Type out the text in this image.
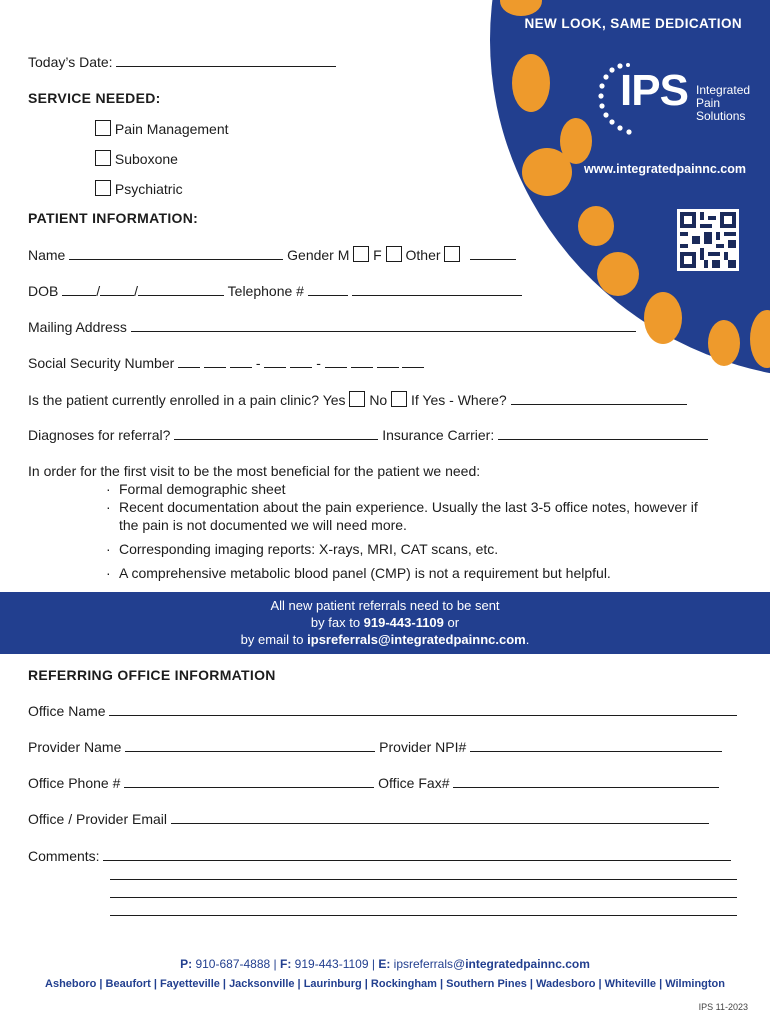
NEW LOOK, SAME DEDICATION
IPS Integrated
Pain
Solutions
www.integratedpainnc.com
Today’s Date:
SERVICE NEEDED:
Pain Management
Suboxone
Psychiatric
PATIENT INFORMATION:
Name	Gender M F Other
DOB	/ /	Telephone #
Mailing Address
Social Security Number	-	-
Is the patient currently enrolled in a pain clinic? Yes No If Yes - Where?
Diagnoses for referral?	Insurance Carrier:
In order for the first visit to be the most beneficial for the patient we need:
· Formal demographic sheet
· Recent documentation about the pain experience. Usually the last 3-5 office notes, however if
the pain is not documented we will need more.
· Corresponding imaging reports: X-rays, MRI, CAT scans, etc.
· A comprehensive metabolic blood panel (CMP) is not a requirement but helpful.
All new patient referrals need to be sent
by fax to 919-443-1109 or
by email to ipsreferrals@integratedpainnc.com.
REFERRING OFFICE INFORMATION
Office Name
Provider Name	Provider NPI#
Office Phone #	Office Fax#
Office / Provider Email
Comments:
P: 910-687-4888 | F: 919-443-1109 | E: ipsreferrals@integratedpainnc.com
Asheboro | Beaufort | Fayetteville | Jacksonville | Laurinburg | Rockingham | Southern Pines | Wadesboro | Whiteville | Wilmington
IPS 11-2023
